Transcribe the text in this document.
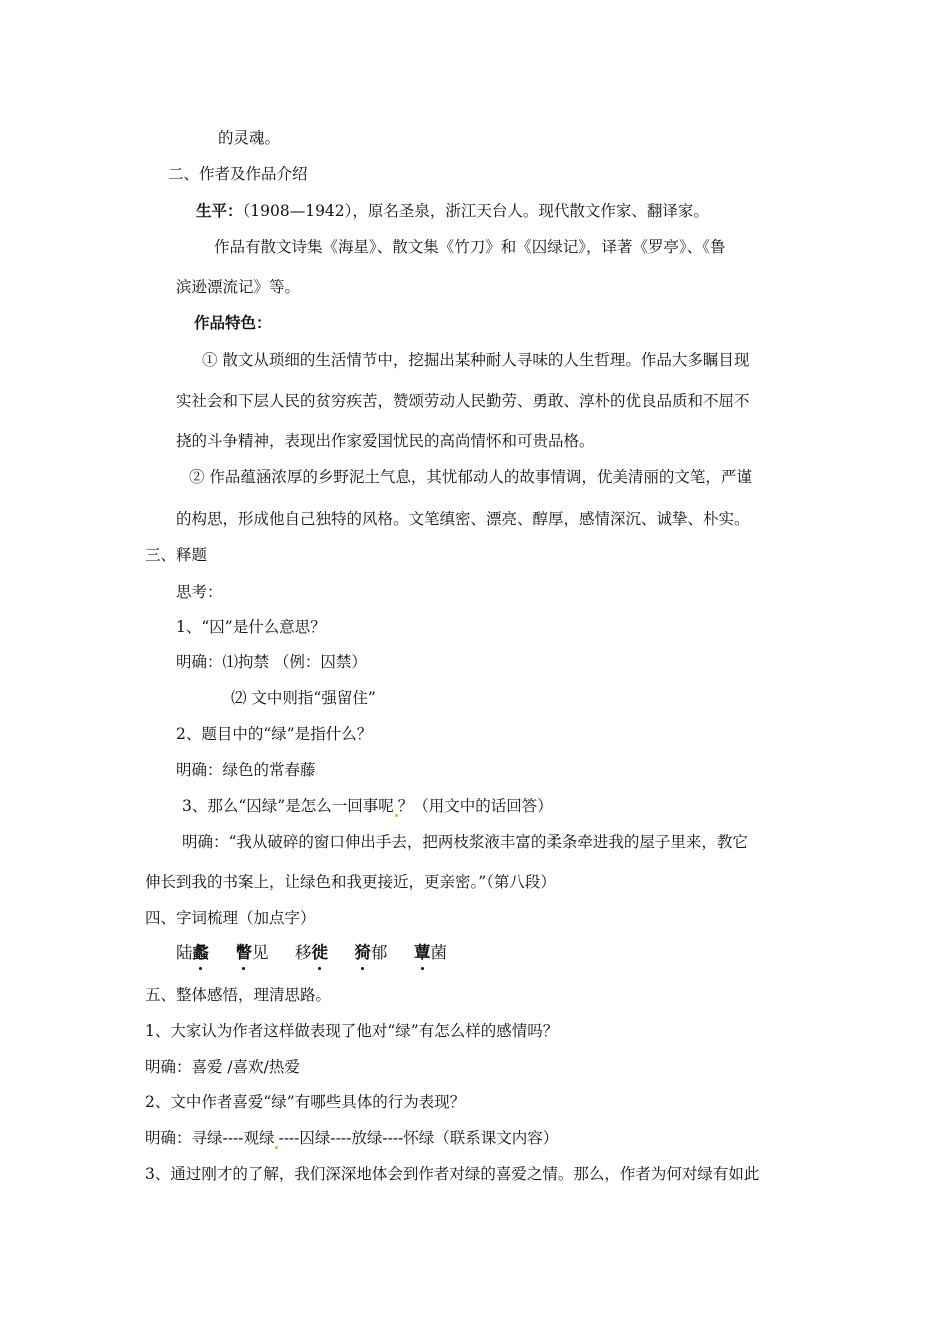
的灵魂。
二、作者及作品介绍
生平：（1908—1942），原名圣泉，浙江天台人。现代散文作家、翻译家。
作品有散文诗集《海星》、散文集《竹刀》和《囚绿记》，译著《罗亭》、《鲁
滨逊漂流记》等。
作品特色：
① 散文从琐细的生活情节中，挖掘出某种耐人寻味的人生哲理。作品大多瞩目现
实社会和下层人民的贫穷疾苦，赞颂劳动人民勤劳、勇敢、淳朴的优良品质和不屈不
挠的斗争精神，表现出作家爱国忧民的高尚情怀和可贵品格。
② 作品蕴涵浓厚的乡野泥土气息，其忧郁动人的故事情调，优美清丽的文笔，严谨
的构思，形成他自己独特的风格。文笔缜密、漂亮、醇厚，感情深沉、诚挚、朴实。
三、释题
思考：
1、“囚”是什么意思？
明确：⑴拘禁 （例：囚禁）
⑵ 文中则指“强留住”
2、题目中的“绿”是指什么？
明确：绿色的常春藤
3、那么“囚绿”是怎么一回事呢 ？（用文中的话回答）
明确：“我从破碎的窗口伸出手去，把两枝浆液丰富的柔条牵进我的屋子里来，教它
伸长到我的书案上，让绿色和我更接近，更亲密。”（第八段）
四、字词梳理（加点字）
陆蠡 瞥见 移徙 猗郁 蕈菌
五、整体感悟，理清思路。
1、大家认为作者这样做表现了他对“绿”有怎么样的感情吗？
明确：喜爱 /喜欢/热爱
2、文中作者喜爱“绿”有哪些具体的行为表现？
明确：寻绿----观绿 ----囚绿----放绿----怀绿（联系课文内容）
3、通过刚才的了解，我们深深地体会到作者对绿的喜爱之情。那么，作者为何对绿有如此
